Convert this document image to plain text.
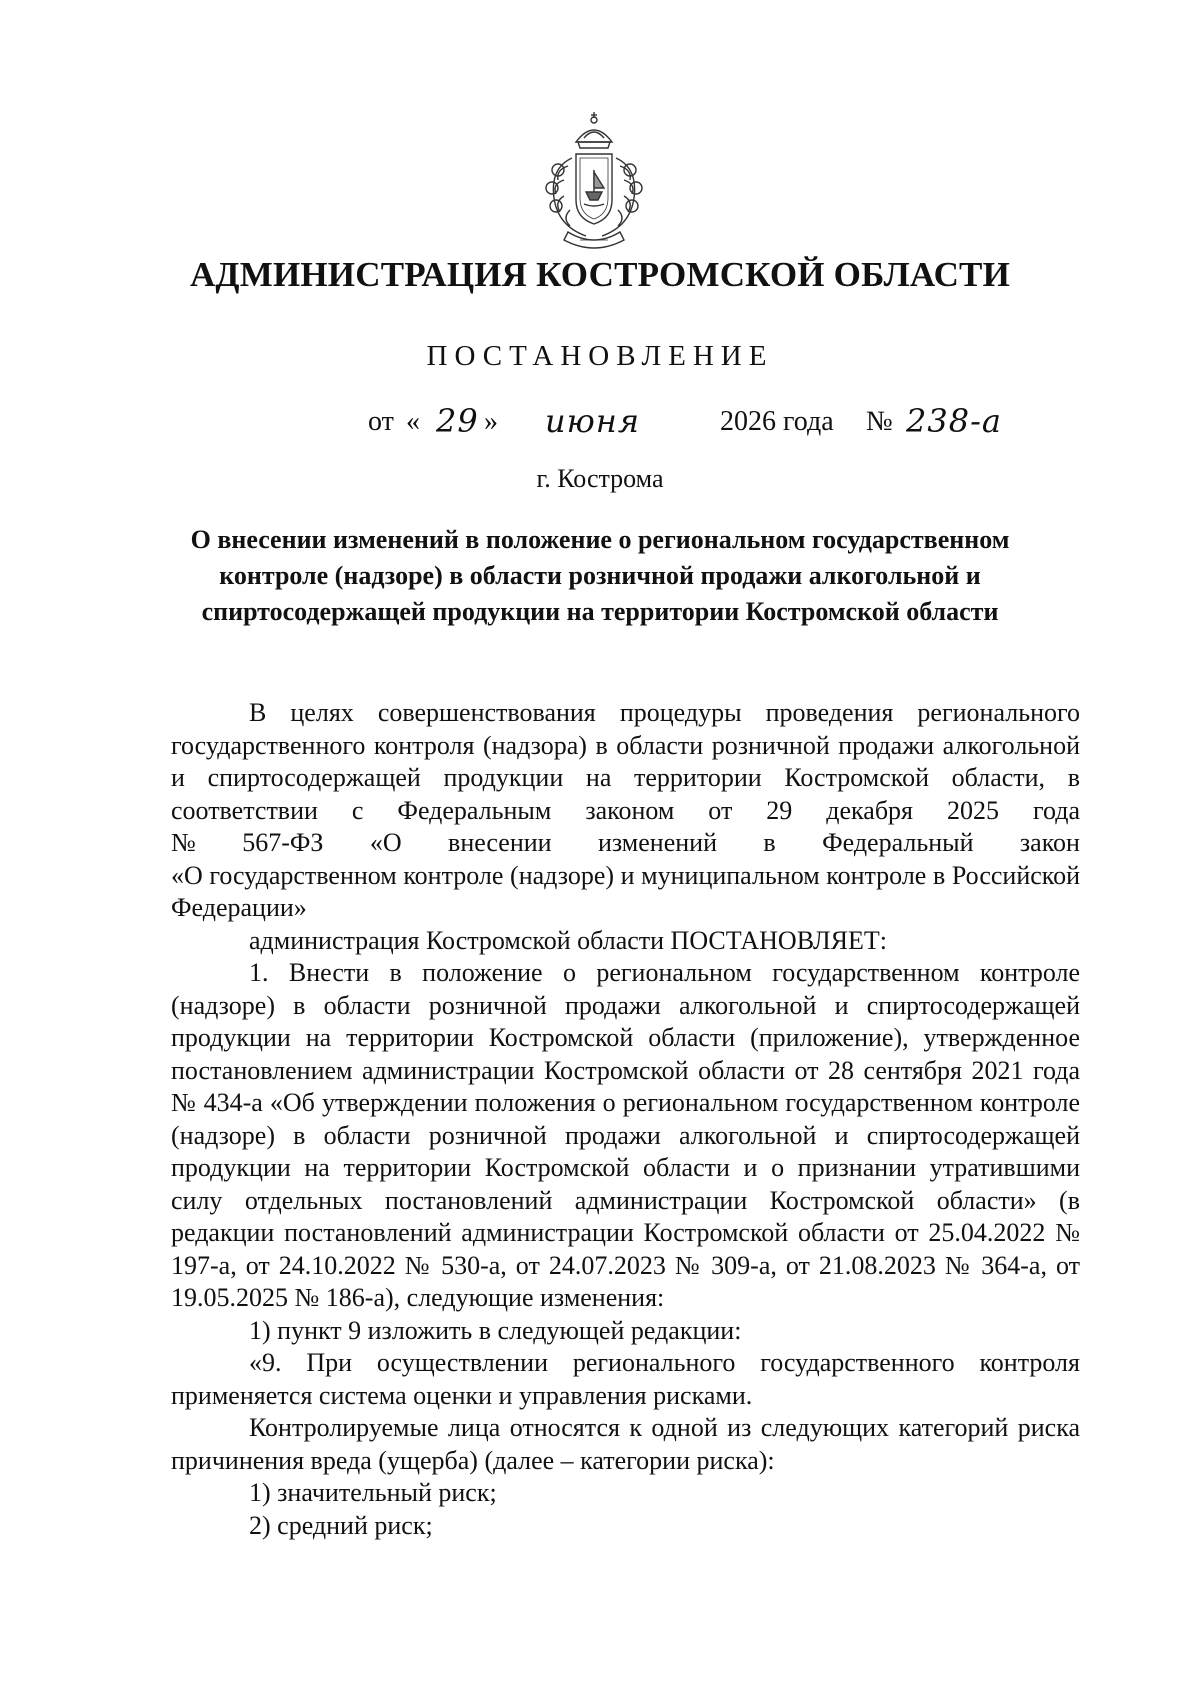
АДМИНИСТРАЦИЯ КОСТРОМСКОЙ ОБЛАСТИ
ПОСТАНОВЛЕНИЕ
от « 29 » июня	2026 года № 238-а
г. Кострома
О внесении изменений в положение о региональном государственном
контроле (надзоре) в области розничной продажи алкогольной и
спиртосодержащей продукции на территории Костромской области

В целях совершенствования процедуры проведения регионального государственного контроля (надзора) в области розничной продажи алкогольной и спиртосодержащей продукции на территории Костромской области, в соответствии с Федеральным законом от 29 декабря 2025 года

№ 567-ФЗ «О внесении изменений в Федеральный закон

«О государственном контроле (надзоре) и муниципальном контроле в Российской Федерации»

администрация Костромской области ПОСТАНОВЛЯЕТ:

1. Внести в положение о региональном государственном контроле (надзоре) в области розничной продажи алкогольной и спиртосодержащей продукции на территории Костромской области (приложение), утвержденное постановлением администрации Костромской области от 28 сентября 2021 года № 434-а «Об утверждении положения о региональном государственном контроле (надзоре) в области розничной продажи алкогольной и спиртосодержащей продукции на территории Костромской области и о признании утратившими силу отдельных постановлений администрации Костромской области» (в редакции постановлений администрации Костромской области от 25.04.2022 № 197-а, от 24.10.2022 № 530-а, от 24.07.2023 № 309-а, от 21.08.2023 № 364-а, от 19.05.2025 № 186-а), следующие изменения:

1) пункт 9 изложить в следующей редакции:

«9. При осуществлении регионального государственного контроля применяется система оценки и управления рисками.

Контролируемые лица относятся к одной из следующих категорий риска причинения вреда (ущерба) (далее – категории риска):

1) значительный риск;

2) средний риск;
